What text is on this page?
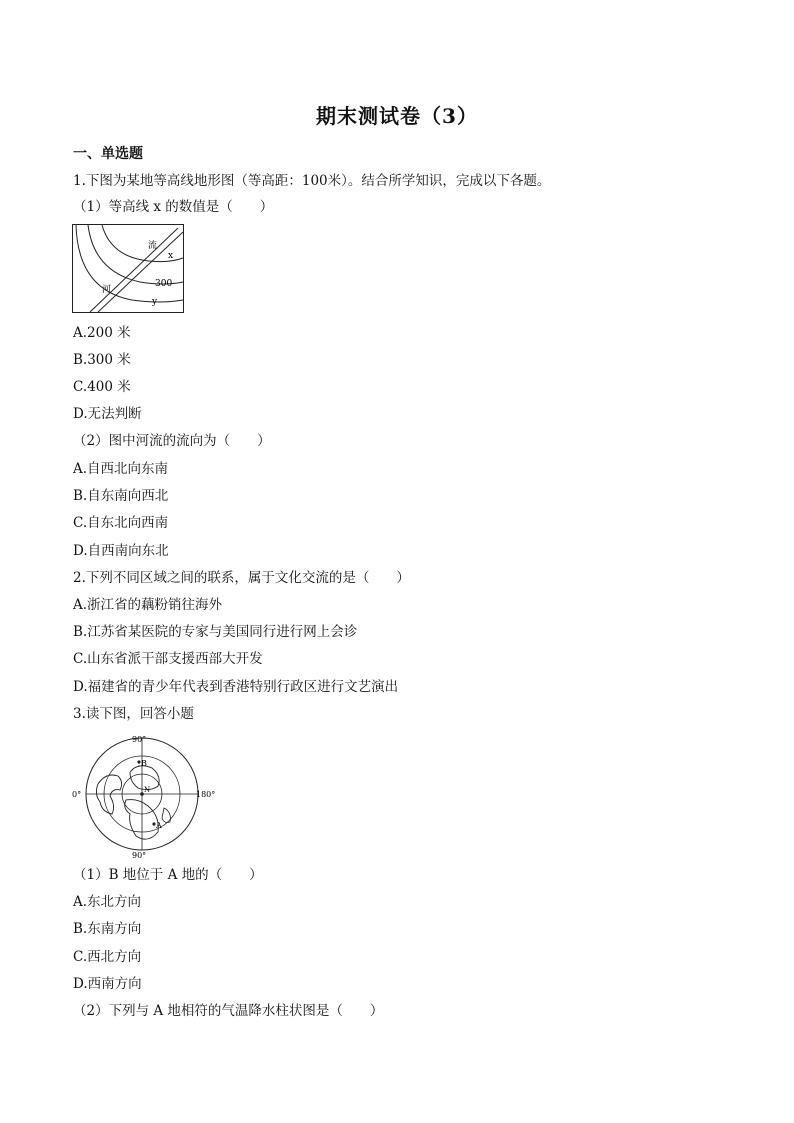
期末测试卷（3）
一、单选题
1.下图为某地等高线地形图（等高距：100米）。结合所学知识，完成以下各题。
（1）等高线 x 的数值是（　　）
流
河
x
300
y
A.200 米
B.300 米
C.400 米
D.无法判断
（2）图中河流的流向为（　　）
A.自西北向东南
B.自东南向西北
C.自东北向西南
D.自西南向东北
2.下列不同区域之间的联系，属于文化交流的是（　　）
A.浙江省的藕粉销往海外
B.江苏省某医院的专家与美国同行进行网上会诊
C.山东省派干部支援西部大开发
D.福建省的青少年代表到香港特别行政区进行文艺演出
3.读下图，回答小题
90°
90°
0°	180°
N
B
A
（1）B 地位于 A 地的（　　）
A.东北方向
B.东南方向
C.西北方向
D.西南方向
（2）下列与 A 地相符的气温降水柱状图是（　　）
